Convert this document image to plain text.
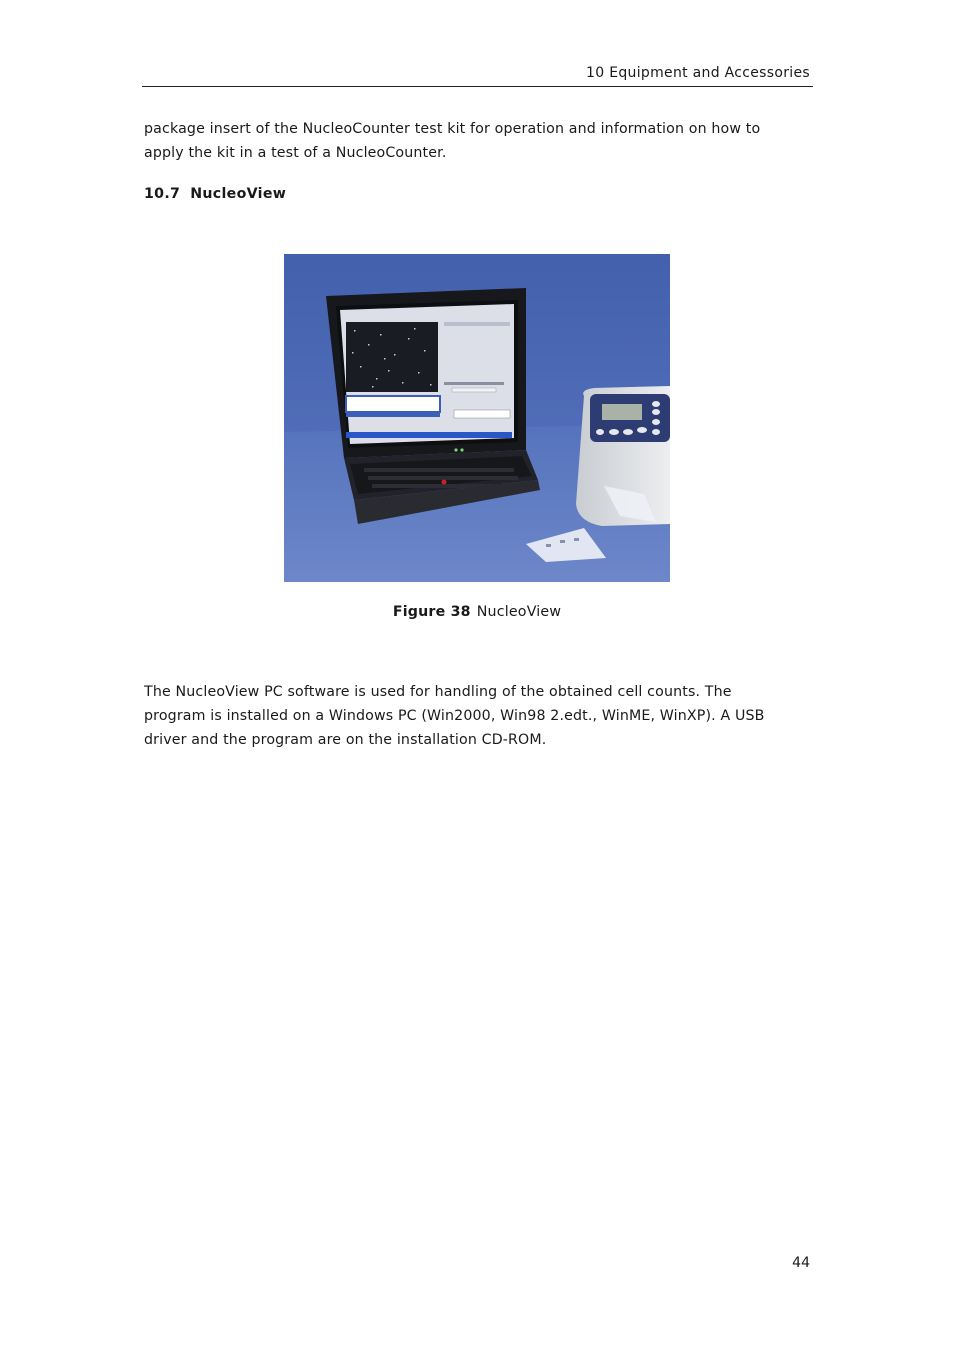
10 Equipment and Accessories

package insert of the NucleoCounter test kit for operation and information on how to apply the kit in a test of a NucleoCounter.

10.7 NucleoView
Figure 38 NucleoView

The NucleoView PC software is used for handling of the obtained cell counts. The program is installed on a Windows PC (Win2000, Win98 2.edt., WinME, WinXP). A USB driver and the program are on the installation CD-ROM.

44
